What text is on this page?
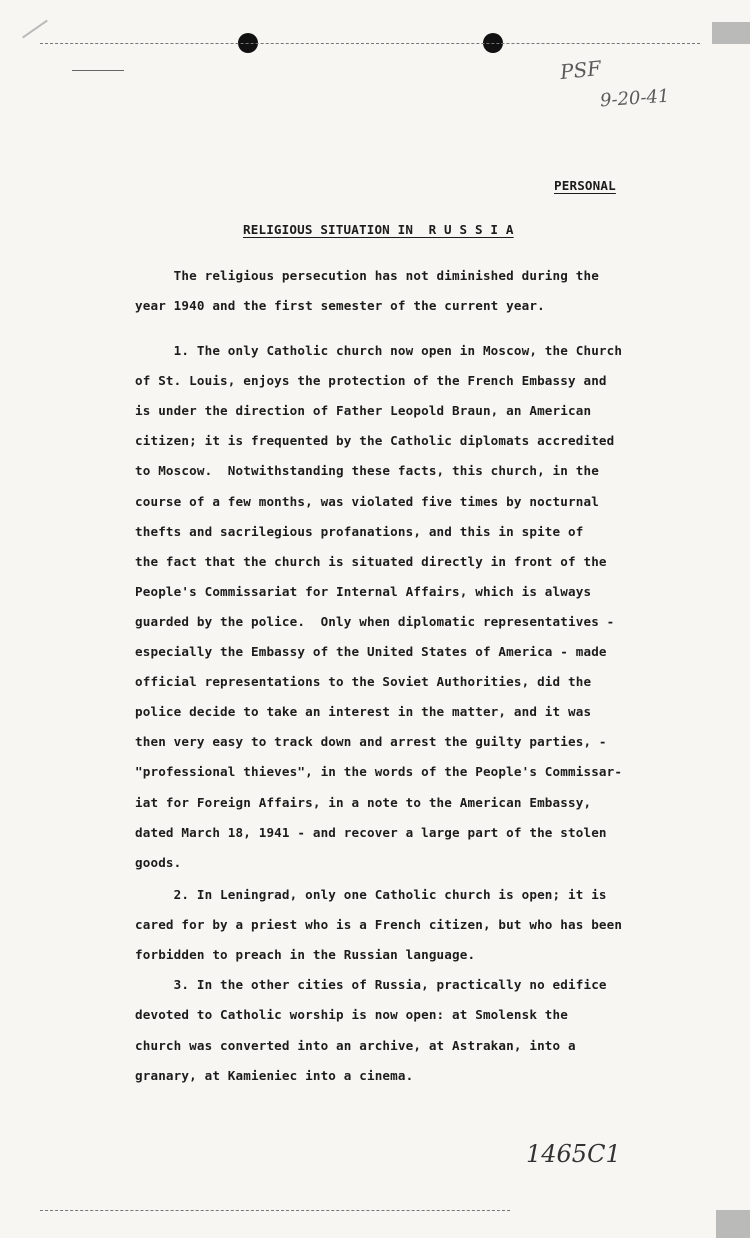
PSF
9-20-41
1465C1
PERSONAL
RELIGIOUS SITUATION IN  R U S S I A
The religious persecution has not diminished during the
year 1940 and the first semester of the current year.
1. The only Catholic church now open in Moscow, the Church
of St. Louis, enjoys the protection of the French Embassy and
is under the direction of Father Leopold Braun, an American
citizen; it is frequented by the Catholic diplomats accredited
to Moscow.  Notwithstanding these facts, this church, in the
course of a few months, was violated five times by nocturnal
thefts and sacrilegious profanations, and this in spite of
the fact that the church is situated directly in front of the
People's Commissariat for Internal Affairs, which is always
guarded by the police.  Only when diplomatic representatives -
especially the Embassy of the United States of America - made
official representations to the Soviet Authorities, did the
police decide to take an interest in the matter, and it was
then very easy to track down and arrest the guilty parties, -
"professional thieves", in the words of the People's Commissar-
iat for Foreign Affairs, in a note to the American Embassy,
dated March 18, 1941 - and recover a large part of the stolen
goods.
2. In Leningrad, only one Catholic church is open; it is
cared for by a priest who is a French citizen, but who has been
forbidden to preach in the Russian language.
3. In the other cities of Russia, practically no edifice
devoted to Catholic worship is now open: at Smolensk the
church was converted into an archive, at Astrakan, into a
granary, at Kamieniec into a cinema.
